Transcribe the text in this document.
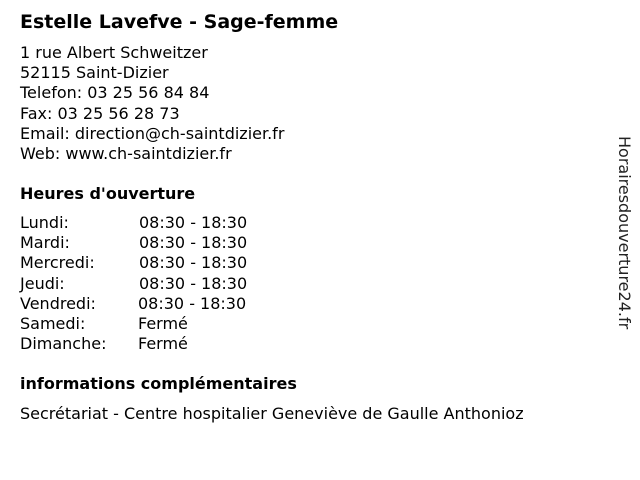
Estelle Lavefve - Sage-femme
1 rue Albert Schweitzer
52115 Saint-Dizier
Telefon: 03 25 56 84 84
Fax: 03 25 56 28 73
Email: direction@ch-saintdizier.fr
Web: www.ch-saintdizier.fr
Heures d'ouverture
Lundi:	08:30 - 18:30
Mardi:	08:30 - 18:30
Mercredi:	08:30 - 18:30
Jeudi:	08:30 - 18:30
Vendredi:	08:30 - 18:30
Samedi:	Fermé
Dimanche: Fermé
informations complémentaires
Secrétariat - Centre hospitalier Geneviève de Gaulle Anthonioz
Horairesdouverture24.fr
